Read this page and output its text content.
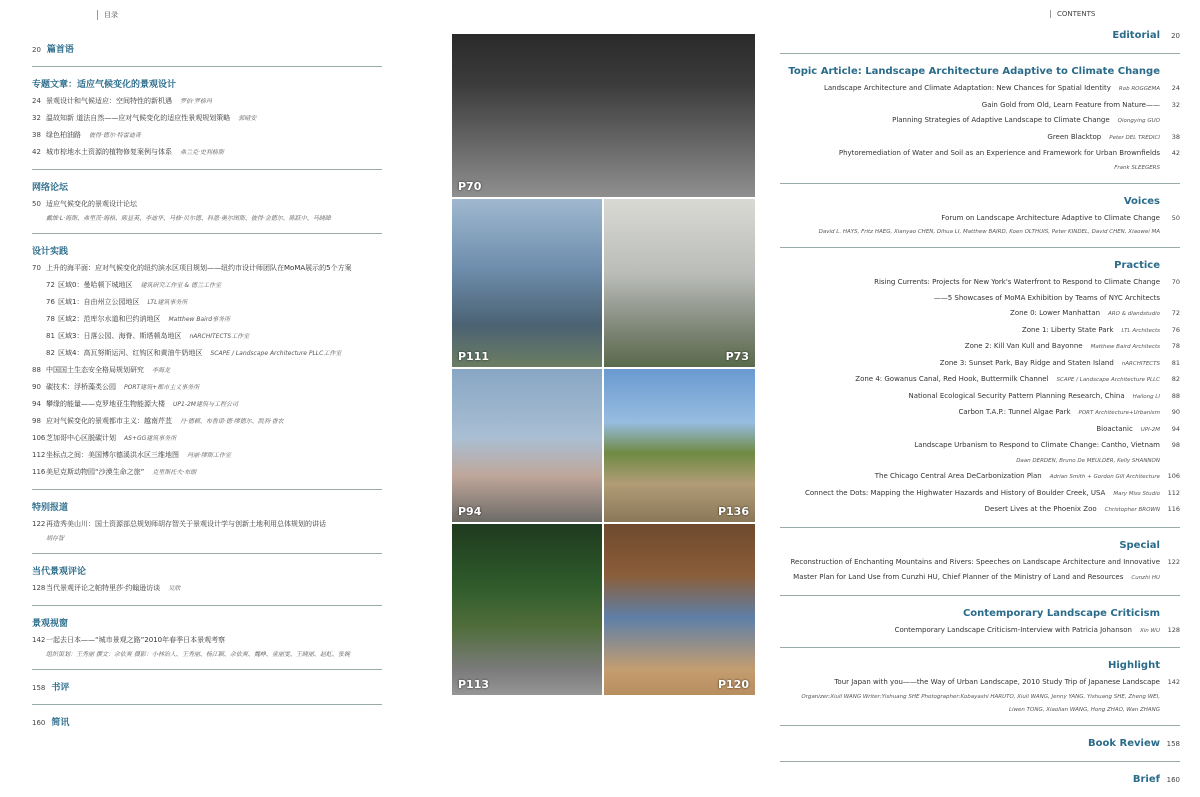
目录	CONTENTS
20 篇首语
专题文章：适应气候变化的景观设计
24 景观设计和气候适应：空间特性的新机遇 罗伯·罗格玛
32 温故知新 道法自然——应对气候变化的适应性景观规划策略 郭晴安
38 绿色柏油路 彼得·德尔·特雷迪奇
42 城市棕地水土资源的植物修复案例与体系 弗兰克·史利格斯
网络论坛
50 适应气候变化的景观设计论坛
戴维·L·海斯、弗里茨·海格、陈显英、李迪华、马修·贝尔德、科恩·奥尔图斯、彼得·金德尔、陈跃中、马晓暐
设计实践
70 上升的海平面：应对气候变化的纽约滨水区项目规划——纽约市设计师团队在MoMA展示的5个方案
72 区域0：曼哈顿下城地区 建筑研究工作室 & 德兰工作室
76 区域1：自由州立公园地区 LTL建筑事务所
78 区域2：范库尔水道和巴约讷地区 Matthew Baird事务所
81 区域3：日落公园、海脊、斯塔顿岛地区 nARCHITECTS工作室
82 区域4：高瓦努斯运河、红钩区和黄油牛奶地区 SCAPE / Landscape Architecture PLLC工作室
88 中国国土生态安全格局规划研究 李海龙
90 碳技术：浮桥藻类公园 PORT建筑+都市主义事务所
94 攀缘的能量——克罗地亚生物能源大楼 UP1-2M建筑与工程公司
98 应对气候变化的景观都市主义：越南芹苴 丹·德顿、布鲁诺·德·缪德尔、凯利·香农
106芝加哥中心区脱碳计划 AS+GG建筑事务所
112坐标点之间：美国博尔德溪洪水区三维地图 玛丽·缪斯工作室
116美尼克斯动物园“沙漠生命之旅” 克里斯托夫·布朗
特别报道
122再造秀美山川：国土资源部总规划师胡存智关于景观设计学与创新土地利用总体规划的讲话
胡存智
当代景观评论
128当代景观评论之帕特里莎·约翰逊访谈 吴欣
景观视窗
142一起去日本——“城市景观之路”2010年春季日本景观考察
组织策划：王秀丽 撰文：佘依爽 摄影：小林治人、王秀丽、杨江颖、佘依爽、魏峥、童丽雯、王晓丽、赵虹、张婉
158 书评
160 简讯
P70
P111	P73
P94	P136
P113	P120
Editorial	20
Topic Article: Landscape Architecture Adaptive to Climate Change
Landscape Architecture and Climate Adaptation: New Chances for Spatial Identity Rob ROGGEMA	24
Gain Gold from Old, Learn Feature from Nature——	32
Planning Strategies of Adaptive Landscape to Climate Change Qiongying GUO
Green Blacktop Peter DEL TREDICI	38
Phytoremediation of Water and Soil as an Experience and Framework for Urban Brownfields	42
Frank SLEEGERS
Voices
Forum on Landscape Architecture Adaptive to Climate Change	50
David L. HAYS, Fritz HAEG, Xianyao CHEN, Dihua LI, Matthew BAIRD, Koen OLTHUIS, Peter KINDEL, David CHEN, Xiaowei MA
Practice
Rising Currents: Projects for New York's Waterfront to Respond to Climate Change	70
——5 Showcases of MoMA Exhibition by Teams of NYC Architects
Zone 0: Lower Manhattan ARO & dlandstudio	72
Zone 1: Liberty State Park LTL Architects	76
Zone 2: Kill Van Kull and Bayonne Matthew Baird Architects	78
Zone 3: Sunset Park, Bay Ridge and Staten Island nARCHITECTS	81
Zone 4: Gowanus Canal, Red Hook, Buttermilk Channel SCAPE / Landscape Architecture PLLC	82
National Ecological Security Pattern Planning Research, China Hailong LI	88
Carbon T.A.P.: Tunnel Algae Park PORT Architecture+Urbanism	90
Bioactanic UPI-2M	94
Landscape Urbanism to Respond to Climate Change: Cantho, Vietnam	98
Daan DERDEN, Bruno De MEULDER, Kelly SHANNON
The Chicago Central Area DeCarbonization Plan Adrian Smith + Gordon Gill Architecture	106
Connect the Dots: Mapping the Highwater Hazards and History of Boulder Creek, USA Mary Miss Studio	112
Desert Lives at the Phoenix Zoo Christopher BROWN	116
Special
Reconstruction of Enchanting Mountains and Rivers: Speeches on Landscape Architecture and Innovative	122
Master Plan for Land Use from Cunzhi HU, Chief Planner of the Ministry of Land and Resources Cunzhi HU
Contemporary Landscape Criticism
Contemporary Landscape Criticism-Interview with Patricia Johanson Xin WU	128
Highlight
Tour Japan with you——the Way of Urban Landscape, 2010 Study Trip of Japanese Landscape	142
Organizer:Xiuli WANG Writer:Yishuang SHE Photographer:Kobayashi HARUTO, Xiuli WANG, Jenny YANG, Yishuang SHE, Zheng WEI,
Liwen TONG, Xiaolian WANG, Hong ZHAO, Wan ZHANG
Book Review 158
Brief 160
